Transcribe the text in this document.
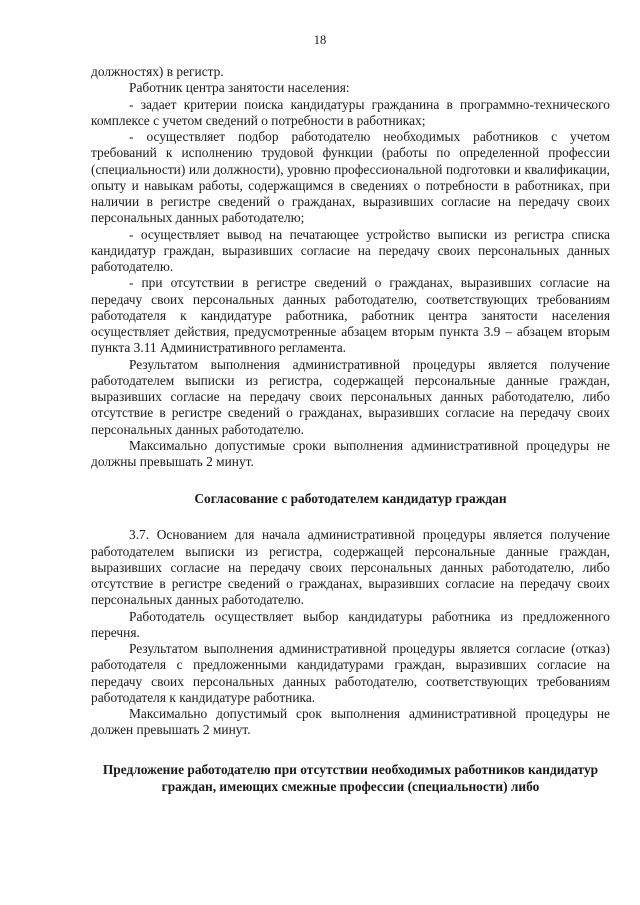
18

должностях) в регистр.

Работник центра занятости населения:

- задает критерии поиска кандидатуры гражданина в программно-технического комплексе с учетом сведений о потребности в работниках;

- осуществляет подбор работодателю необходимых работников с учетом требований к исполнению трудовой функции (работы по определенной профессии (специальности) или должности), уровню профессиональной подготовки и квалификации, опыту и навыкам работы, содержащимся в сведениях о потребности в работниках, при наличии в регистре сведений о гражданах, выразивших согласие на передачу своих персональных данных работодателю;

- осуществляет вывод на печатающее устройство выписки из регистра списка кандидатур граждан, выразивших согласие на передачу своих персональных данных работодателю.

- при отсутствии в регистре сведений о гражданах, выразивших согласие на передачу своих персональных данных работодателю, соответствующих требованиям работодателя к кандидатуре работника, работник центра занятости населения осуществляет действия, предусмотренные абзацем вторым пункта 3.9 – абзацем вторым пункта 3.11 Административного регламента.

Результатом выполнения административной процедуры является получение работодателем выписки из регистра, содержащей персональные данные граждан, выразивших согласие на передачу своих персональных данных работодателю, либо отсутствие в регистре сведений о гражданах, выразивших согласие на передачу своих персональных данных работодателю.

Максимально допустимые сроки выполнения административной процедуры не должны превышать 2 минут.

Согласование с работодателем кандидатур граждан

3.7. Основанием для начала административной процедуры является получение работодателем выписки из регистра, содержащей персональные данные граждан, выразивших согласие на передачу своих персональных данных работодателю, либо отсутствие в регистре сведений о гражданах, выразивших согласие на передачу своих персональных данных работодателю.

Работодатель осуществляет выбор кандидатуры работника из предложенного перечня.

Результатом выполнения административной процедуры является согласие (отказ) работодателя с предложенными кандидатурами граждан, выразивших согласие на передачу своих персональных данных работодателю, соответствующих требованиям работодателя к кандидатуре работника.

Максимально допустимый срок выполнения административной процедуры не должен превышать 2 минут.

Предложение работодателю при отсутствии необходимых работников кандидатур граждан, имеющих смежные профессии (специальности) либо
